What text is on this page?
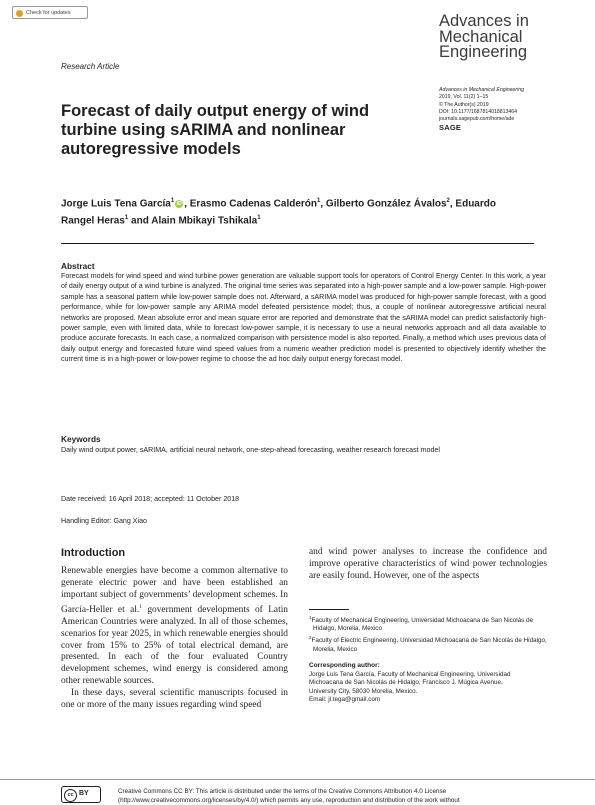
Check for updates	Advances in
Mechanical
Engineering
Research Article
Advances in Mechanical Engineering
2019, Vol. 11(2) 1–15
© The Author(s) 2019
DOI: 10.1177/1687814018813464
journals.sagepub.com/home/ade
SAGE
Forecast of daily output energy of wind turbine using sARIMA and nonlinear autoregressive models
Jorge Luis Tena García$^1$ iD , Erasmo Cadenas Calderón$^1$, Gilberto González Ávalos$^2$, Eduardo Rangel Heras$^1$ and Alain Mbikayi Tshikala$^1$
Abstract
Forecast models for wind speed and wind turbine power generation are valuable support tools for operators of Control Energy Center. In this work, a year of daily energy output of a wind turbine is analyzed. The original time series was separated into a high-power sample and a low-power sample. High-power sample has a seasonal pattern while low-power sample does not. Afterward, a sARIMA model was produced for high-power sample forecast, with a good performance, while for low-power sample any ARIMA model defeated persistence model; thus, a couple of nonlinear autoregressive artificial neural networks are proposed. Mean absolute error and mean square error are reported and demonstrate that the sARIMA model can predict satisfactorily high-power sample, even with limited data, while to forecast low-power sample, it is necessary to use a neural networks approach and all data available to produce accurate forecasts. In each case, a normalized comparison with persistence model is also reported. Finally, a method which uses previous data of daily output energy and forecasted future wind speed values from a numeric weather prediction model is presented to objectively identify whether the current time is in a high-power or low-power regime to choose the ad hoc daily output energy forecast model.
Keywords
Daily wind output power, sARIMA, artificial neural network, one-step-ahead forecasting, weather research forecast model
Date received: 16 April 2018; accepted: 11 October 2018
Handling Editor: Gang Xiao
Introduction

Renewable energies have become a common alternative to generate electric power and have been established an important subject of governments’ development schemes. In García-Heller et al.$^1$ government developments of Latin American Countries were analyzed. In all of those schemes, scenarios for year 2025, in which renewable energies should cover from 15% to 25% of total electrical demand, are presented. In each of the four evaluated Country development schemes, wind energy is considered among other renewable sources.

In these days, several scientific manuscripts focused in one or more of the many issues regarding wind speed

and wind power analyses to increase the confidence and improve operative characteristics of wind power technologies are easily found. However, one of the aspects
$^1$Faculty of Mechanical Engineering, Universidad Michoacana de San Nicolás de Hidalgo, Morelia, Mexico
$^2$Faculty of Electric Engineering, Universidad Michoacana de San Nicolás de Hidalgo, Morelia, Mexico
Corresponding author:
Jorge Luis Tena García, Faculty of Mechanical Engineering, Universidad
Michoacana de San Nicolás de Hidalgo, Francisco J. Múgica Avenue,
University City, 58030 Morelia, Mexico.
Email: jl.tega@gmail.com
cc BY	Creative Commons CC BY: This article is distributed under the terms of the Creative Commons Attribution 4.0 License (http://www.creativecommons.org/licenses/by/4.0/) which permits any use, reproduction and distribution of the work without
